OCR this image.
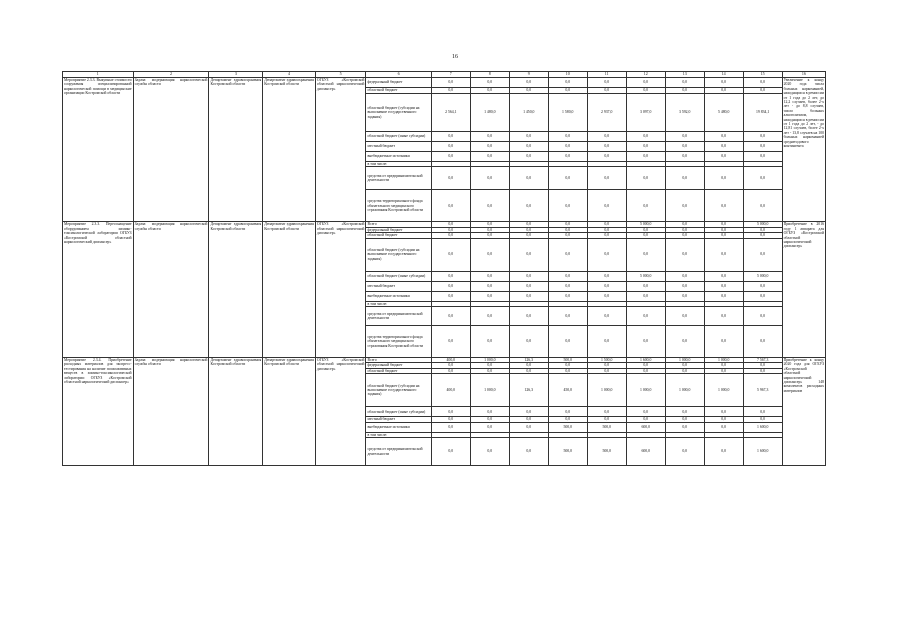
16
1	2	3	4	5	6	7	8	9	10	11	12	13	14	15	16
Мероприятие 2.3.3. Выкупные стоимости сооружения специализированной наркологической помощи в медицинские организации Костромской области	Задача: модернизация наркологической службы области	Департамент здравоохранения Костромской области	Департамент здравоохранения Костромской области	ОГБУЗ «Костромской областной наркологический диспансер»	федеральный бюджет	0,0	0,0	0,0	0,0	0,0	0,0	0,0	0,0	0,0	Увеличение к концу 2020 года числа больных наркоманией, находящихся в ремиссии от 1 года до 2 лет, до 12,2 случаев, более 2-х лет - до 8,8 случаев, число больных алкоголизмом, находящихся в ремиссии от 1 года до 2 лет, - до 12,81 случаев, более 2-х лет - 13,8 случаев на 100 больных наркоманией среднегодового контингента
					областной бюджет	0,0	0,0	0,0	0,0	0,0	0,0	0,0	0,0	0,0	
					областной бюджет (субсидии на выполнение государственного задания)	2 564,1	1 480,0	1 450,0	1 580,0	2 937,0	3 097,0	3 592,0	5 480,0	19 834,1	
					областной бюджет (иные субсидии)	0,0	0,0	0,0	0,0	0,0	0,0	0,0	0,0	0,0	
					местный бюджет	0,0	0,0	0,0	0,0	0,0	0,0	0,0	0,0	0,0	
					внебюджетные источники	0,0	0,0	0,0	0,0	0,0	0,0	0,0	0,0	0,0	
					в том числе:										
					средства от предпринимательской деятельности	0,0	0,0	0,0	0,0	0,0	0,0	0,0	0,0	0,0	
					средства территориального фонда обязательного медицинского страхования Костромской области	0,0	0,0	0,0	0,0	0,0	0,0	0,0	0,0	0,0	
Мероприятие 2.3.3. Переоснащение оборудованием химико-токсикологической лаборатории ОГБУЗ «Костромской областной наркологический диспансер»	Задача: модернизация наркологической службы области	Департамент здравоохранения Костромской области	Департамент здравоохранения Костромской области	ОГБУЗ «Костромской областной наркологический диспансер»	Всего	0,0	0,0	0,0	0,0	0,0	5 000,0	0,0	0,0	5 000,0	Приобретение в 2016 году 1 аппарата для ОГБУЗ «Костромской областной наркологический диспансер»
					федеральный бюджет	0,0	0,0	0,0	0,0	0,0	0,0	0,0	0,0	0,0	
					областной бюджет	0,0	0,0	0,0	0,0	0,0	0,0	0,0	0,0	0,0	
					областной бюджет (субсидии на выполнение государственного задания)	0,0	0,0	0,0	0,0	0,0	0,0	0,0	0,0	0,0	
					областной бюджет (иные субсидии)	0,0	0,0	0,0	0,0	0,0	5 000,0	0,0	0,0	5 000,0	
					местный бюджет	0,0	0,0	0,0	0,0	0,0	0,0	0,0	0,0	0,0	
					внебюджетные источники	0,0	0,0	0,0	0,0	0,0	0,0	0,0	0,0	0,0	
					в том числе:										
					средства от предпринимательской деятельности	0,0	0,0	0,0	0,0	0,0	0,0	0,0	0,0	0,0	
					средства территориального фонда обязательного медицинского страхования Костромской области	0,0	0,0	0,0	0,0	0,0	0,0	0,0	0,0	0,0	
Мероприятие 2.3.4. Приобретение расходных материалов для экспресс-тестирования на наличие психоактивных веществ в химико-токсикологической лаборатории ОГБУЗ «Костромской областной наркологический диспансер»	Задача: модернизация наркологической службы области	Департамент здравоохранения Костромской области	Департамент здравоохранения Костромской области	ОГБУЗ «Костромской областной наркологический диспансер»	Всего	400,0	1 000,0	126,3	500,0	1 500,0	1 600,0	1 000,0	1 000,0	7 567,3	Приобретение к концу 2020 года для ОГБУЗ «Костромской областной наркологический диспансер» 148 комплектов расходных материалов
					федеральный бюджет	0,0	0,0	0,0	0,0	0,0	0,0	0,0	0,0	0,0	
					областной бюджет	0,0	0,0	0,0	0,0	0,0	0,0	0,0	0,0	0,0	
					областной бюджет (субсидии на выполнение государственного задания)	400,0	1 000,0	126,3	450,0	1 000,0	1 000,0	1 000,0	1 000,0	5 967,3	
					областной бюджет (иные субсидии)	0,0	0,0	0,0	0,0	0,0	0,0	0,0	0,0	0,0	
					местный бюджет	0,0	0,0	0,0	0,0	0,0	0,0	0,0	0,0	0,0	
					внебюджетные источники	0,0	0,0	0,0	500,0	500,0	600,0	0,0	0,0	1 600,0	
					в том числе:										
					средства от предпринимательской деятельности	0,0	0,0	0,0	500,0	500,0	600,0	0,0	0,0	1 600,0	
